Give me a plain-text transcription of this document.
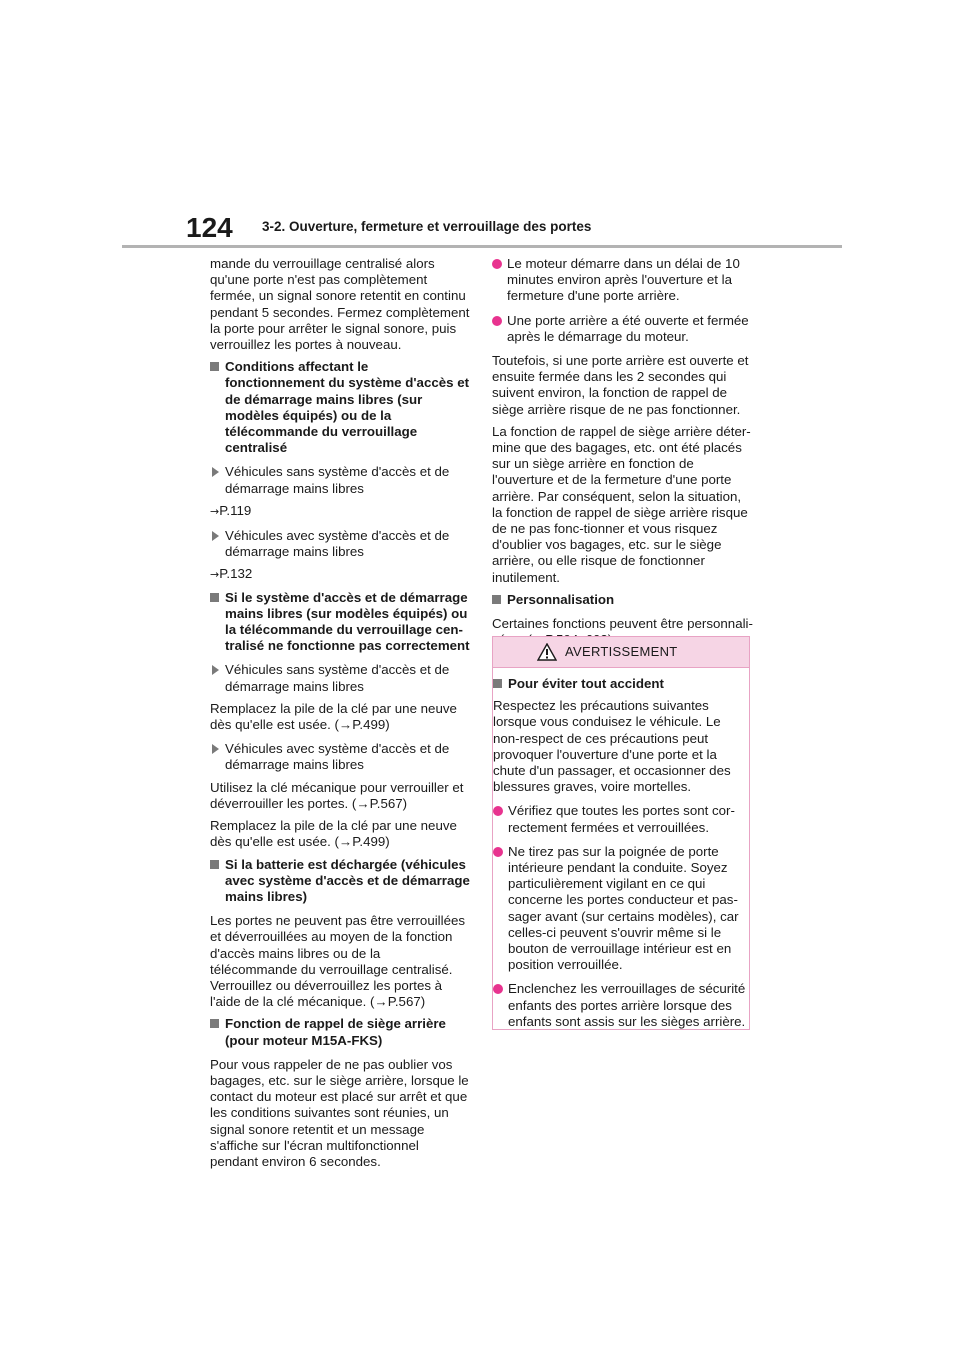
124 3-2. Ouverture, fermeture et verrouillage des portes

mande du verrouillage centralisé alors qu'une porte n'est pas complètement fermée, un signal sonore retentit en continu pendant 5 secondes. Fermez complètement la porte pour arrêter le signal sonore, puis verrouillez les portes à nouveau.

Conditions affectant le fonctionnement du système d'accès et de démarrage mains libres (sur modèles équipés) ou de la télécommande du verrouillage centralisé
Véhicules sans système d'accès et de démarrage mains libres
→P.119
Véhicules avec système d'accès et de démarrage mains libres
→P.132
Si le système d'accès et de démarrage mains libres (sur modèles équipés) ou la télécommande du verrouillage cen-tralisé ne fonctionne pas correctement
Véhicules sans système d'accès et de démarrage mains libres

Remplacez la pile de la clé par une neuve dès qu'elle est usée. (→P.499)

Véhicules avec système d'accès et de démarrage mains libres

Utilisez la clé mécanique pour verrouiller et déverrouiller les portes. (→P.567)

Remplacez la pile de la clé par une neuve dès qu'elle est usée. (→P.499)

Si la batterie est déchargée (véhicules avec système d'accès et de démarrage mains libres)

Les portes ne peuvent pas être verrouillées et déverrouillées au moyen de la fonction d'accès mains libres ou de la télécommande du verrouillage centralisé. Verrouillez ou déverrouillez les portes à l'aide de la clé mécanique. (→P.567)

Fonction de rappel de siège arrière (pour moteur M15A-FKS)

Pour vous rappeler de ne pas oublier vos bagages, etc. sur le siège arrière, lorsque le contact du moteur est placé sur arrêt et que les conditions suivantes sont réunies, un signal sonore retentit et un message s'affiche sur l'écran multifonctionnel pendant environ 6 secondes.

Le moteur démarre dans un délai de 10 minutes environ après l'ouverture et la fermeture d'une porte arrière.
Une porte arrière a été ouverte et fermée après le démarrage du moteur.

Toutefois, si une porte arrière est ouverte et ensuite fermée dans les 2 secondes qui suivent environ, la fonction de rappel de siège arrière risque de ne pas fonctionner.

La fonction de rappel de siège arrière déter-mine que des bagages, etc. ont été placés sur un siège arrière en fonction de l'ouverture et de la fermeture d'une porte arrière. Par conséquent, selon la situation, la fonction de rappel de siège arrière risque de ne pas fonc-tionner et vous risquez d'oublier vos bagages, etc. sur le siège arrière, ou elle risque de fonctionner inutilement.

Personnalisation

Certaines fonctions peuvent être personnali-

AVERTISSEMENT
Pour éviter tout accident

Respectez les précautions suivantes lorsque vous conduisez le véhicule. Le non-respect de ces précautions peut provoquer l'ouverture d'une porte et la chute d'un passager, et occasionner des blessures graves, voire mortelles.

Vérifiez que toutes les portes sont cor-rectement fermées et verrouillées.
Ne tirez pas sur la poignée de porte intérieure pendant la conduite. Soyez particulièrement vigilant en ce qui concerne les portes conducteur et pas-sager avant (sur certains modèles), car celles-ci peuvent s'ouvrir même si le bouton de verrouillage intérieur est en position verrouillée.
Enclenchez les verrouillages de sécurité enfants des portes arrière lorsque des enfants sont assis sur les sièges arrière.
